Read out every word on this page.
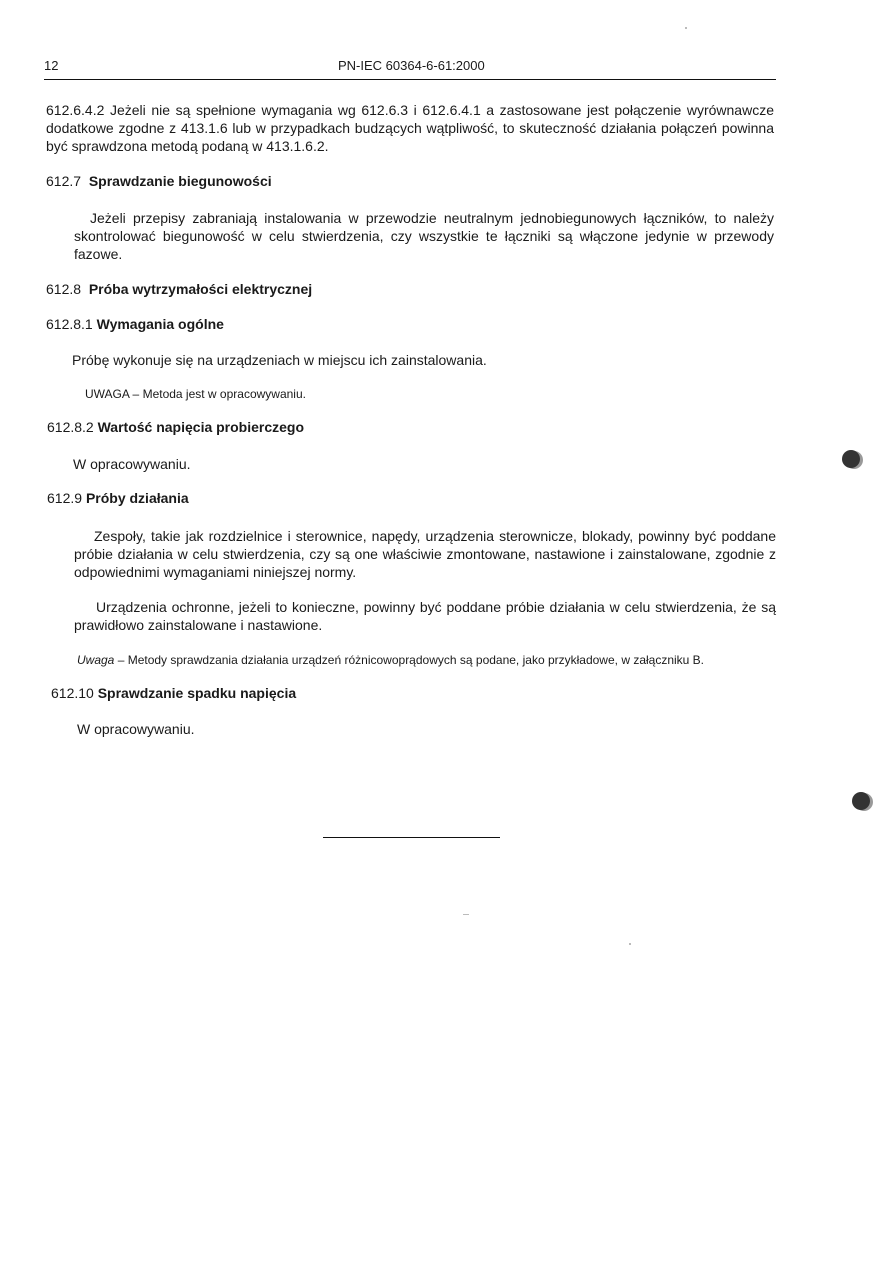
12	PN-IEC 60364-6-61:2000

612.6.4.2 Jeżeli nie są spełnione wymagania wg 612.6.3 i 612.6.4.1 a zastosowane jest połączenie wyrównawcze dodatkowe zgodne z 413.1.6 lub w przypadkach budzących wątpliwość, to skuteczność działania połączeń powinna być sprawdzona metodą podaną w 413.1.6.2.

612.7 Sprawdzanie biegunowości

Jeżeli przepisy zabraniają instalowania w przewodzie neutralnym jednobiegunowych łączników, to należy skontrolować biegunowość w celu stwierdzenia, czy wszystkie te łączniki są włączone jedynie w przewody fazowe.

612.8 Próba wytrzymałości elektrycznej

612.8.1 Wymagania ogólne

Próbę wykonuje się na urządzeniach w miejscu ich zainstalowania.

UWAGA – Metoda jest w opracowywaniu.

612.8.2 Wartość napięcia probierczego

W opracowywaniu.

612.9 Próby działania

Zespoły, takie jak rozdzielnice i sterownice, napędy, urządzenia sterownicze, blokady, powinny być poddane próbie działania w celu stwierdzenia, czy są one właściwie zmontowane, nastawione i zainstalowane, zgodnie z odpowiednimi wymaganiami niniejszej normy.

Urządzenia ochronne, jeżeli to konieczne, powinny być poddane próbie działania w celu stwierdzenia, że są prawidłowo zainstalowane i nastawione.

Uwaga – Metody sprawdzania działania urządzeń różnicowoprądowych są podane, jako przykładowe, w załączniku B.

612.10 Sprawdzanie spadku napięcia

W opracowywaniu.
